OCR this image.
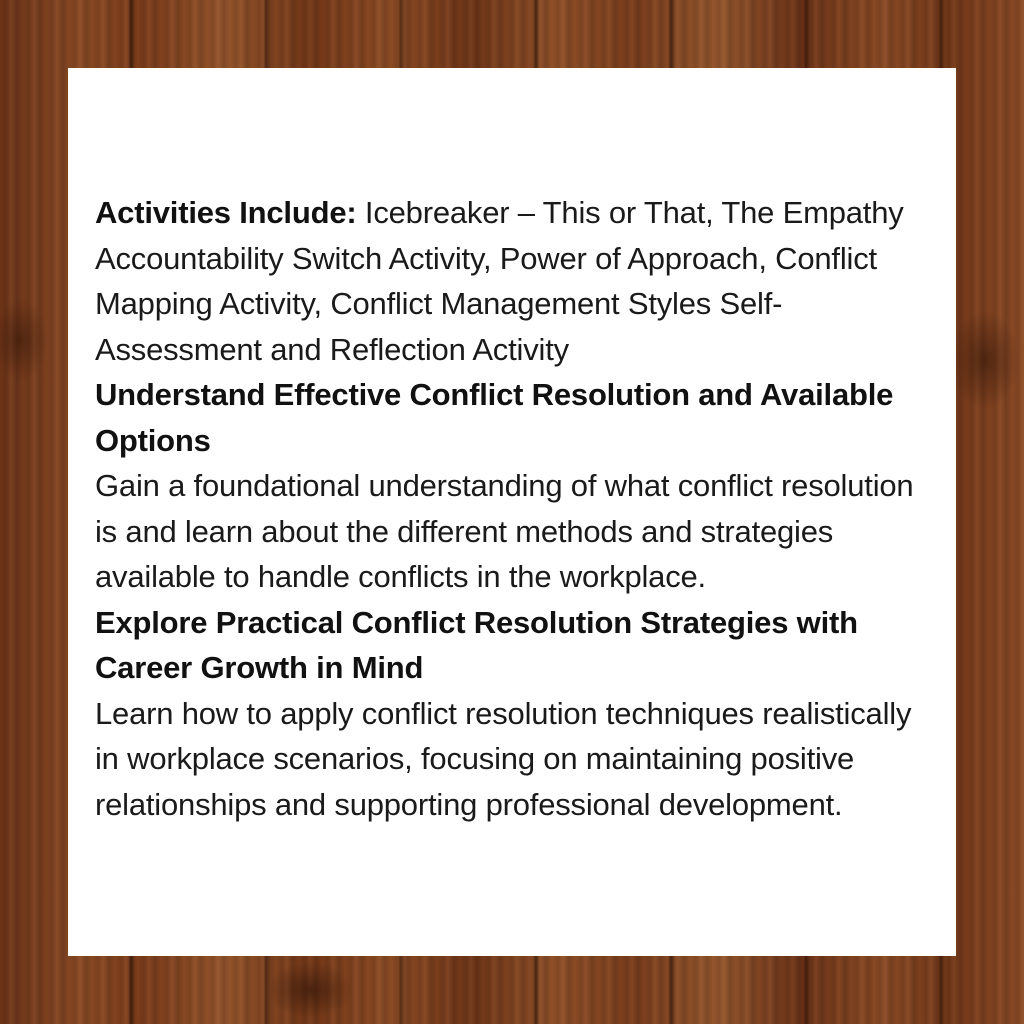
Activities Include: Icebreaker – This or That, The Empathy Accountability Switch Activity, Power of Approach, Conflict Mapping Activity, Conflict Management Styles Self-Assessment and Reflection Activity

Understand Effective Conflict Resolution and Available Options

Gain a foundational understanding of what conflict resolution is and learn about the different methods and strategies available to handle conflicts in the workplace.

Explore Practical Conflict Resolution Strategies with Career Growth in Mind

Learn how to apply conflict resolution techniques realistically in workplace scenarios, focusing on maintaining positive relationships and supporting professional development.
